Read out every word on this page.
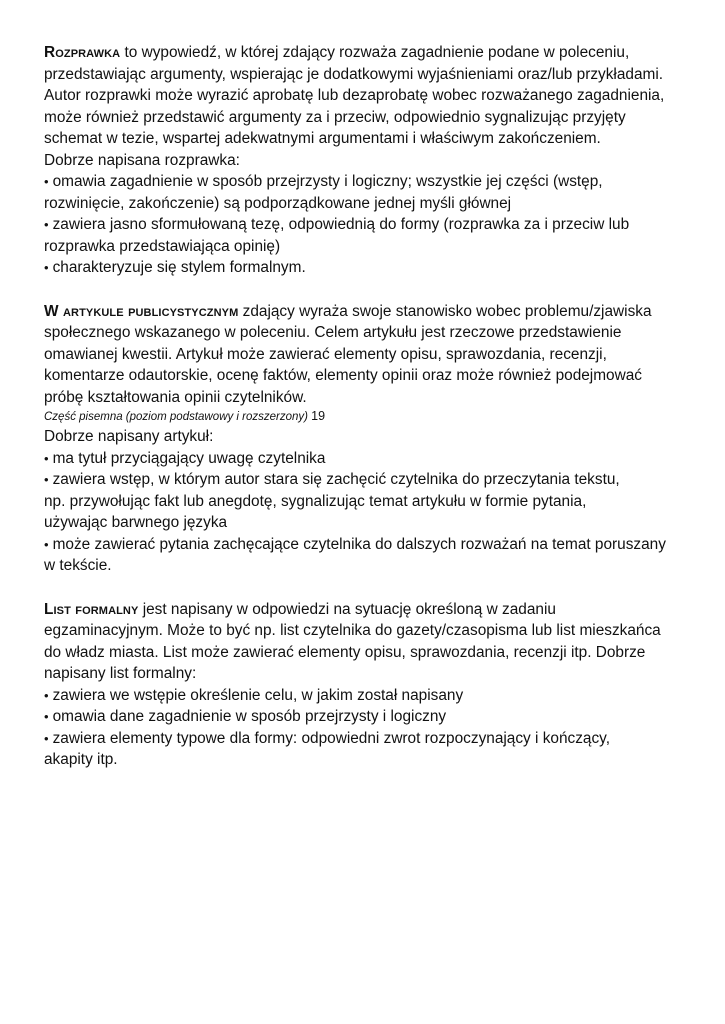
Rozprawka to wypowiedź, w której zdający rozważa zagadnienie podane w poleceniu,
przedstawiając argumenty, wspierając je dodatkowymi wyjaśnieniami oraz/lub przykładami.
Autor rozprawki może wyrazić aprobatę lub dezaprobatę wobec rozważanego zagadnienia,
może również przedstawić argumenty za i przeciw, odpowiednio sygnalizując przyjęty
schemat w tezie, wspartej adekwatnymi argumentami i właściwym zakończeniem.
Dobrze napisana rozprawka:
• omawia zagadnienie w sposób przejrzysty i logiczny; wszystkie jej części (wstęp,
rozwinięcie, zakończenie) są podporządkowane jednej myśli głównej
• zawiera jasno sformułowaną tezę, odpowiednią do formy (rozprawka za i przeciw lub
rozprawka przedstawiająca opinię)
• charakteryzuje się stylem formalnym.
W artykule publicystycznym zdający wyraża swoje stanowisko wobec problemu/zjawiska
społecznego wskazanego w poleceniu. Celem artykułu jest rzeczowe przedstawienie
omawianej kwestii. Artykuł może zawierać elementy opisu, sprawozdania, recenzji,
komentarze odautorskie, ocenę faktów, elementy opinii oraz może również podejmować
próbę kształtowania opinii czytelników.
Część pisemna (poziom podstawowy i rozszerzony) 19
Dobrze napisany artykuł:
• ma tytuł przyciągający uwagę czytelnika
• zawiera wstęp, w którym autor stara się zachęcić czytelnika do przeczytania tekstu,
np. przywołując fakt lub anegdotę, sygnalizując temat artykułu w formie pytania,
używając barwnego języka
• może zawierać pytania zachęcające czytelnika do dalszych rozważań na temat poruszany
w tekście.
List formalny jest napisany w odpowiedzi na sytuację określoną w zadaniu
egzaminacyjnym. Może to być np. list czytelnika do gazety/czasopisma lub list mieszkańca
do władz miasta. List może zawierać elementy opisu, sprawozdania, recenzji itp. Dobrze
napisany list formalny:
• zawiera we wstępie określenie celu, w jakim został napisany
• omawia dane zagadnienie w sposób przejrzysty i logiczny
• zawiera elementy typowe dla formy: odpowiedni zwrot rozpoczynający i kończący,
akapity itp.
